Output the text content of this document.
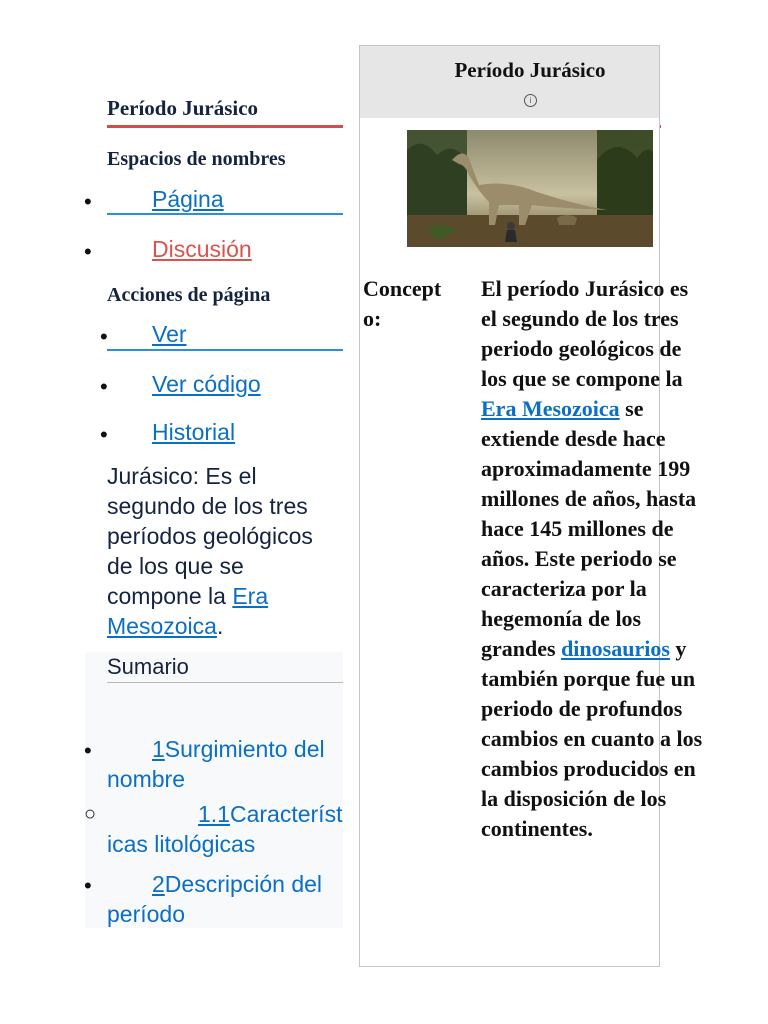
Período Jurásico
Espacios de nombres
•	Página
•	Discusión
Acciones de página
• Ver
• Ver código
• Historial
Jurásico: Es el segundo de los tres períodos geológicos de los que se compone la Era Mesozoica.
Sumario
•	1Surgimiento del nombre
○	1.1Características litológicas
•	2Descripción del período
Período Jurásico
i
Concepto:
El período Jurásico es el segundo de los tres periodo geológicos de los que se compone la Era Mesozoica se extiende desde hace aproximadamente 199 millones de años, hasta hace 145 millones de años. Este periodo se caracteriza por la hegemonía de los grandes dinosaurios y también porque fue un periodo de profundos cambios en cuanto a los cambios producidos en la disposición de los continentes.
